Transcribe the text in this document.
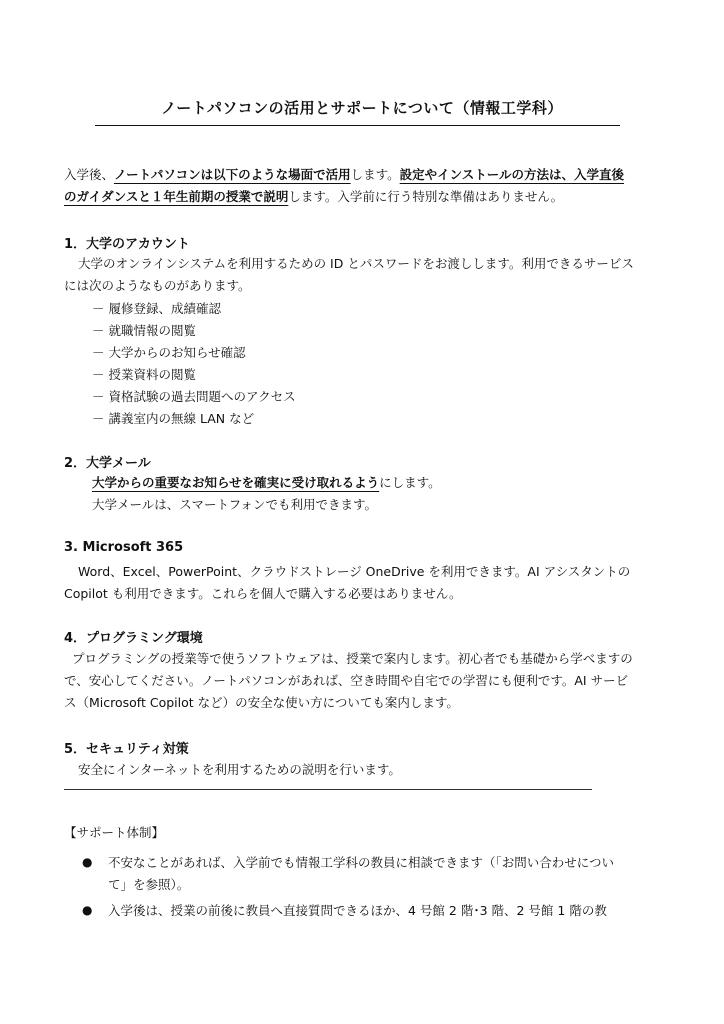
ノートパソコンの活用とサポートについて（情報工学科）
入学後、ノートパソコンは以下のような場面で活用します。設定やインストールの方法は、入学直後
のガイダンスと１年生前期の授業で説明します。入学前に行う特別な準備はありません。
1．大学のアカウント
大学のオンラインシステムを利用するための ID とパスワードをお渡しします。利用できるサービス
には次のようなものがあります。
－ 履修登録、成績確認
－ 就職情報の閲覧
－ 大学からのお知らせ確認
－ 授業資料の閲覧
－ 資格試験の過去問題へのアクセス
－ 講義室内の無線 LAN など
2．大学メール
大学からの重要なお知らせを確実に受け取れるようにします。
大学メールは、スマートフォンでも利用できます。
3. Microsoft 365
Word、Excel、PowerPoint、クラウドストレージ OneDrive を利用できます。AI アシスタントの
Copilot も利用できます。これらを個人で購入する必要はありません。
4．プログラミング環境
プログラミングの授業等で使うソフトウェアは、授業で案内します。初心者でも基礎から学べますの
で、安心してください。ノートパソコンがあれば、空き時間や自宅での学習にも便利です。AI サービ
ス（Microsoft Copilot など）の安全な使い方についても案内します。
5．セキュリティ対策
安全にインターネットを利用するための説明を行います。
【サポート体制】
● 不安なことがあれば、入学前でも情報工学科の教員に相談できます（「お問い合わせについ
て」を参照）。
● 入学後は、授業の前後に教員へ直接質問できるほか、4 号館 2 階･3 階、2 号館 1 階の教
